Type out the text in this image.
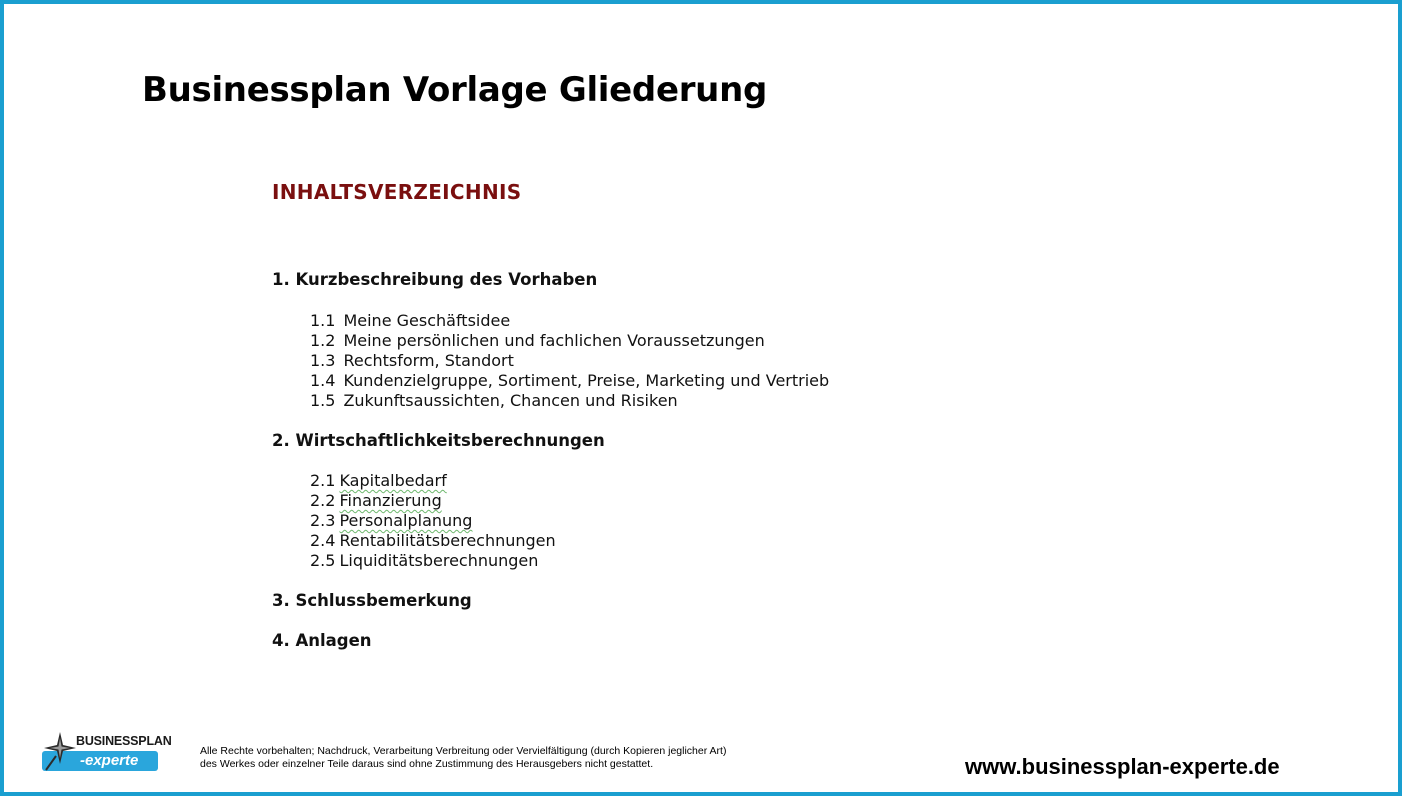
Businessplan Vorlage Gliederung
INHALTSVERZEICHNIS
1. Kurzbeschreibung des Vorhaben
1.1 Meine Geschäftsidee
1.2 Meine persönlichen und fachlichen Voraussetzungen
1.3 Rechtsform, Standort
1.4 Kundenzielgruppe, Sortiment, Preise, Marketing und Vertrieb
1.5 Zukunftsaussichten, Chancen und Risiken
2. Wirtschaftlichkeitsberechnungen
2.1 Kapitalbedarf
2.2 Finanzierung
2.3 Personalplanung
2.4 Rentabilitätsberechnungen
2.5 Liquiditätsberechnungen
3. Schlussbemerkung
4. Anlagen
BUSINESSPLAN
-experte
Alle Rechte vorbehalten; Nachdruck, Verarbeitung Verbreitung oder Vervielfältigung (durch Kopieren jeglicher Art)
des Werkes oder einzelner Teile daraus sind ohne Zustimmung des Herausgebers nicht gestattet.	www.businessplan-experte.de
